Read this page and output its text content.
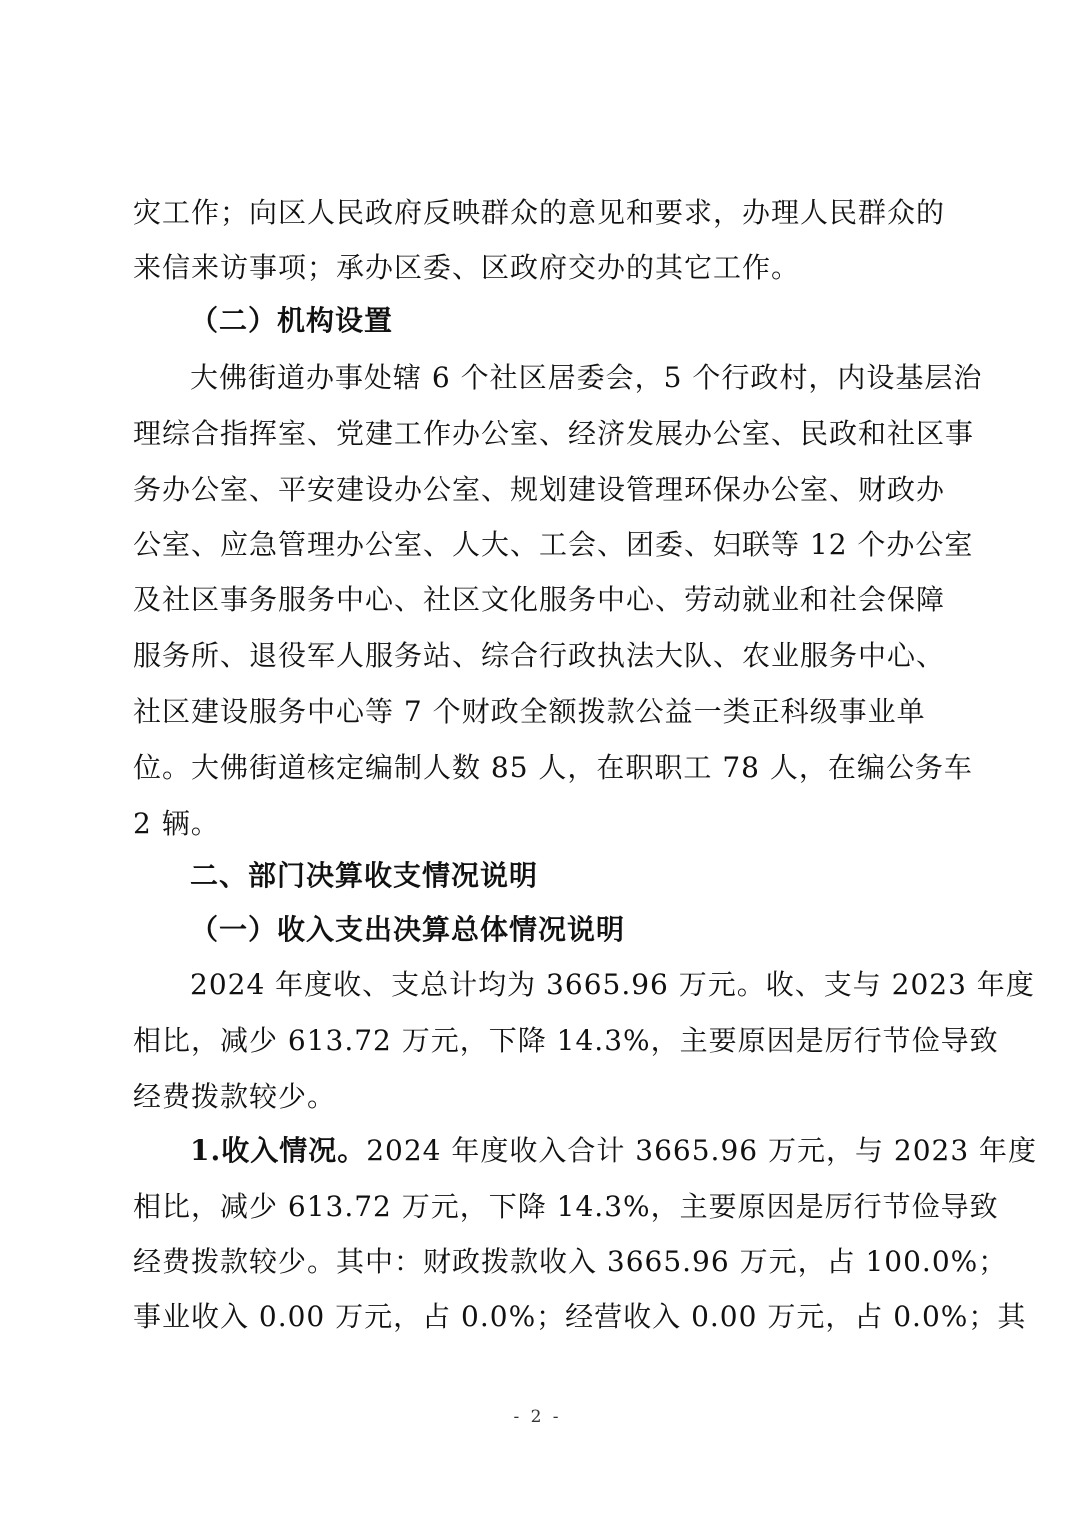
灾工作；向区人民政府反映群众的意见和要求，办理人民群众的
来信来访事项；承办区委、区政府交办的其它工作。
（二）机构设置
大佛街道办事处辖 6 个社区居委会，5 个行政村，内设基层治
理综合指挥室、党建工作办公室、经济发展办公室、民政和社区事
务办公室、平安建设办公室、规划建设管理环保办公室、财政办
公室、应急管理办公室、人大、工会、团委、妇联等 12 个办公室
及社区事务服务中心、社区文化服务中心、劳动就业和社会保障
服务所、退役军人服务站、综合行政执法大队、农业服务中心、
社区建设服务中心等 7 个财政全额拨款公益一类正科级事业单
位。大佛街道核定编制人数 85 人，在职职工 78 人，在编公务车
2 辆。
二、部门决算收支情况说明
（一）收入支出决算总体情况说明
2024 年度收、支总计均为 3665.96 万元。收、支与 2023 年度
相比，减少 613.72 万元，下降 14.3%，主要原因是厉行节俭导致
经费拨款较少。
1.收入情况。2024 年度收入合计 3665.96 万元，与 2023 年度
相比，减少 613.72 万元，下降 14.3%，主要原因是厉行节俭导致
经费拨款较少。其中：财政拨款收入 3665.96 万元，占 100.0%；
事业收入 0.00 万元，占 0.0%；经营收入 0.00 万元，占 0.0%；其
- 2 -
